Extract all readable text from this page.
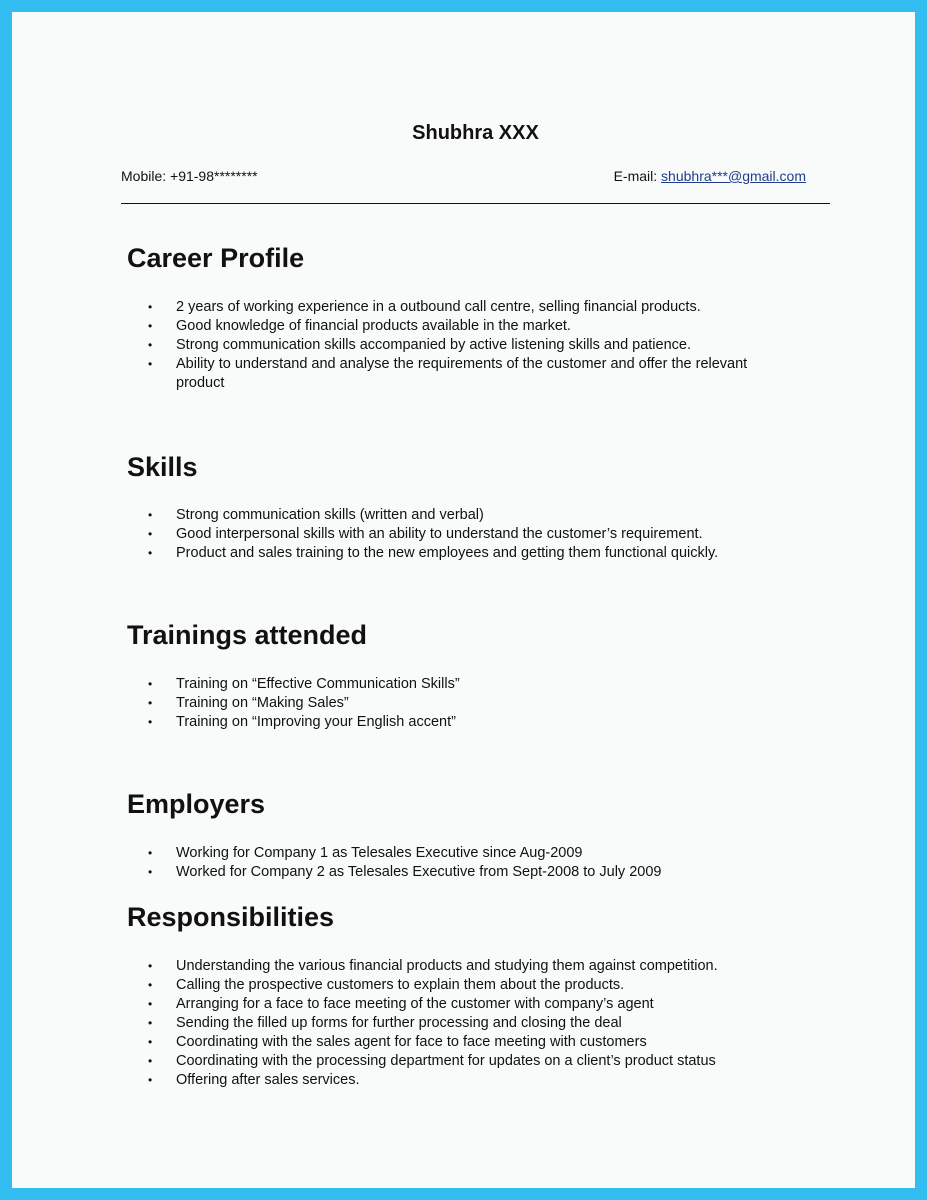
Shubhra XXX
Mobile: +91-98********	E-mail: shubhra***@gmail.com
Career Profile
• 2 years of working experience in a outbound call centre, selling financial products.
• Good knowledge of financial products available in the market.
• Strong communication skills accompanied by active listening skills and patience.
• Ability to understand and analyse the requirements of the customer and offer the relevant product
Skills
• Strong communication skills (written and verbal)
• Good interpersonal skills with an ability to understand the customer’s requirement.
• Product and sales training to the new employees and getting them functional quickly.
Trainings attended
• Training on “Effective Communication Skills”
• Training on “Making Sales”
• Training on “Improving your English accent”
Employers
• Working for Company 1 as Telesales Executive since Aug-2009
• Worked for Company 2 as Telesales Executive from Sept-2008 to July 2009
Responsibilities
• Understanding the various financial products and studying them against competition.
• Calling the prospective customers to explain them about the products.
• Arranging for a face to face meeting of the customer with company’s agent
• Sending the filled up forms for further processing and closing the deal
• Coordinating with the sales agent for face to face meeting with customers
• Coordinating with the processing department for updates on a client’s product status
• Offering after sales services.
